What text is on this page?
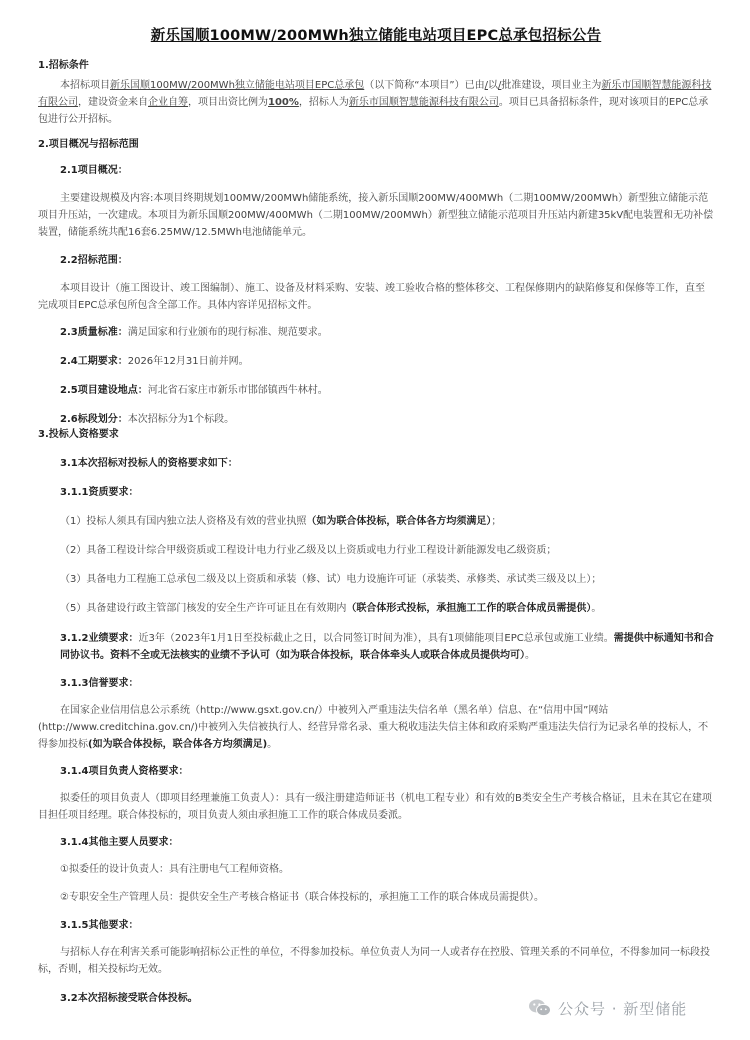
新乐国顺100MW/200MWh独立储能电站项目EPC总承包招标公告
1.招标条件

本招标项目新乐国顺100MW/200MWh独立储能电站项目EPC总承包（以下简称“本项目”）已由/以/批准建设，项目业主为新乐市国顺智慧能源科技有限公司，建设资金来自企业自筹，项目出资比例为100%，招标人为新乐市国顺智慧能源科技有限公司。项目已具备招标条件，现对该项目的EPC总承包进行公开招标。

2.项目概况与招标范围
2.1项目概况：

主要建设规模及内容:本项目终期规划100MW/200MWh储能系统，接入新乐国顺200MW/400MWh（二期100MW/200MWh）新型独立储能示范项目升压站，一次建成。本项目为新乐国顺200MW/400MWh（二期100MW/200MWh）新型独立储能示范项目升压站内新建35kV配电装置和无功补偿装置，储能系统共配16套6.25MW/12.5MWh电池储能单元。

2.2招标范围：

本项目设计（施工图设计、竣工图编制）、施工、设备及材料采购、安装、竣工验收合格的整体移交、工程保修期内的缺陷修复和保修等工作，直至完成项目EPC总承包所包含全部工作。具体内容详见招标文件。

2.3质量标准：满足国家和行业颁布的现行标准、规范要求。
2.4工期要求：2026年12月31日前并网。
2.5项目建设地点：河北省石家庄市新乐市邯邰镇西牛林村。
2.6标段划分：本次招标分为1个标段。
3.投标人资格要求
3.1本次招标对投标人的资格要求如下：
3.1.1资质要求：
（1）投标人须具有国内独立法人资格及有效的营业执照（如为联合体投标，联合体各方均须满足）；
（2）具备工程设计综合甲级资质或工程设计电力行业乙级及以上资质或电力行业工程设计新能源发电乙级资质；
（3）具备电力工程施工总承包二级及以上资质和承装（修、试）电力设施许可证（承装类、承修类、承试类三级及以上）；
（5）具备建设行政主管部门核发的安全生产许可证且在有效期内（联合体形式投标，承担施工工作的联合体成员需提供）。

3.1.2业绩要求：近3年（2023年1月1日至投标截止之日，以合同签订时间为准），具有1项储能项目EPC总承包或施工业绩。需提供中标通知书和合同协议书。资料不全或无法核实的业绩不予认可（如为联合体投标，联合体牵头人或联合体成员提供均可）。

3.1.3信誉要求：

在国家企业信用信息公示系统（http://www.gsxt.gov.cn/）中被列入严重违法失信名单（黑名单）信息、在“信用中国”网站(http://www.creditchina.gov.cn/)中被列入失信被执行人、经营异常名录、重大税收违法失信主体和政府采购严重违法失信行为记录名单的投标人，不得参加投标(如为联合体投标，联合体各方均须满足)。

3.1.4项目负责人资格要求：

拟委任的项目负责人（即项目经理兼施工负责人）：具有一级注册建造师证书（机电工程专业）和有效的B类安全生产考核合格证，且未在其它在建项目担任项目经理。联合体投标的，项目负责人须由承担施工工作的联合体成员委派。

3.1.4其他主要人员要求：
①拟委任的设计负责人：具有注册电气工程师资格。
②专职安全生产管理人员：提供安全生产考核合格证书（联合体投标的，承担施工工作的联合体成员需提供）。
3.1.5其他要求：

与招标人存在利害关系可能影响招标公正性的单位，不得参加投标。单位负责人为同一人或者存在控股、管理关系的不同单位，不得参加同一标段投标，否则，相关投标均无效。

3.2本次招标接受联合体投标。
公众号 · 新型储能
